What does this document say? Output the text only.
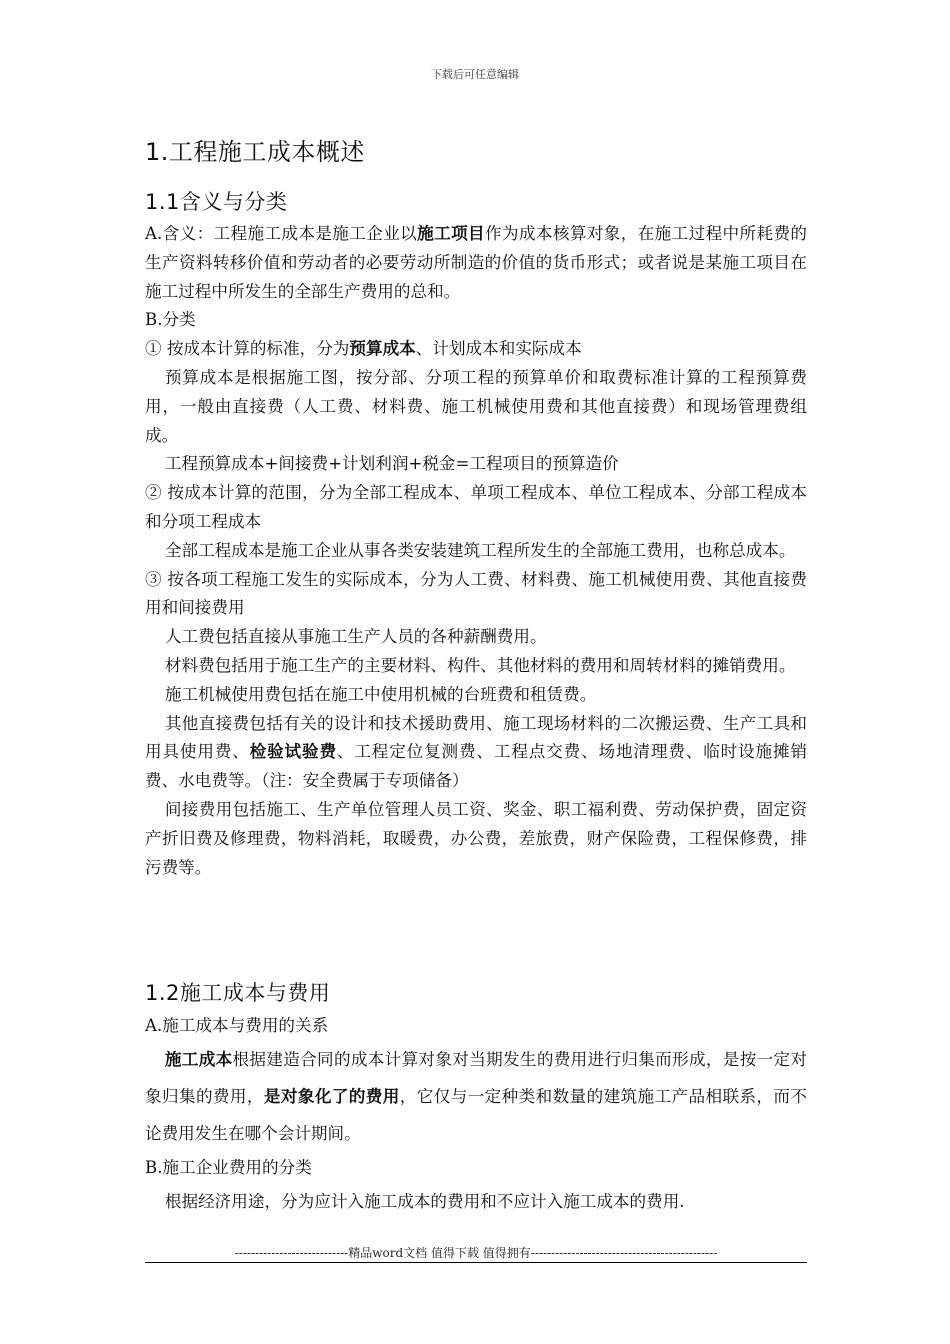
下载后可任意编辑
1.工程施工成本概述
1.1含义与分类

A.含义：工程施工成本是施工企业以施工项目作为成本核算对象，在施工过程中所耗费的生产资料转移价值和劳动者的必要劳动所制造的价值的货币形式；或者说是某施工项目在施工过程中所发生的全部生产费用的总和。

B.分类

① 按成本计算的标准，分为预算成本、计划成本和实际成本

预算成本是根据施工图，按分部、分项工程的预算单价和取费标准计算的工程预算费用，一般由直接费（人工费、材料费、施工机械使用费和其他直接费）和现场管理费组成。

工程预算成本+间接费+计划利润+税金=工程项目的预算造价

② 按成本计算的范围，分为全部工程成本、单项工程成本、单位工程成本、分部工程成本和分项工程成本

全部工程成本是施工企业从事各类安装建筑工程所发生的全部施工费用，也称总成本。

③ 按各项工程施工发生的实际成本，分为人工费、材料费、施工机械使用费、其他直接费用和间接费用

人工费包括直接从事施工生产人员的各种薪酬费用。

材料费包括用于施工生产的主要材料、构件、其他材料的费用和周转材料的摊销费用。

施工机械使用费包括在施工中使用机械的台班费和租赁费。

其他直接费包括有关的设计和技术援助费用、施工现场材料的二次搬运费、生产工具和用具使用费、检验试验费、工程定位复测费、工程点交费、场地清理费、临时设施摊销费、水电费等。（注：安全费属于专项储备）

间接费用包括施工、生产单位管理人员工资、奖金、职工福利费、劳动保护费，固定资产折旧费及修理费，物料消耗，取暖费，办公费，差旅费，财产保险费，工程保修费，排污费等。

1.2施工成本与费用

A.施工成本与费用的关系

施工成本根据建造合同的成本计算对象对当期发生的费用进行归集而形成，是按一定对象归集的费用，是对象化了的费用，它仅与一定种类和数量的建筑施工产品相联系，而不论费用发生在哪个会计期间。

B.施工企业费用的分类

根据经济用途，分为应计入施工成本的费用和不应计入施工成本的费用.

----------------------------精品word文档 值得下载 值得拥有----------------------------------------------
